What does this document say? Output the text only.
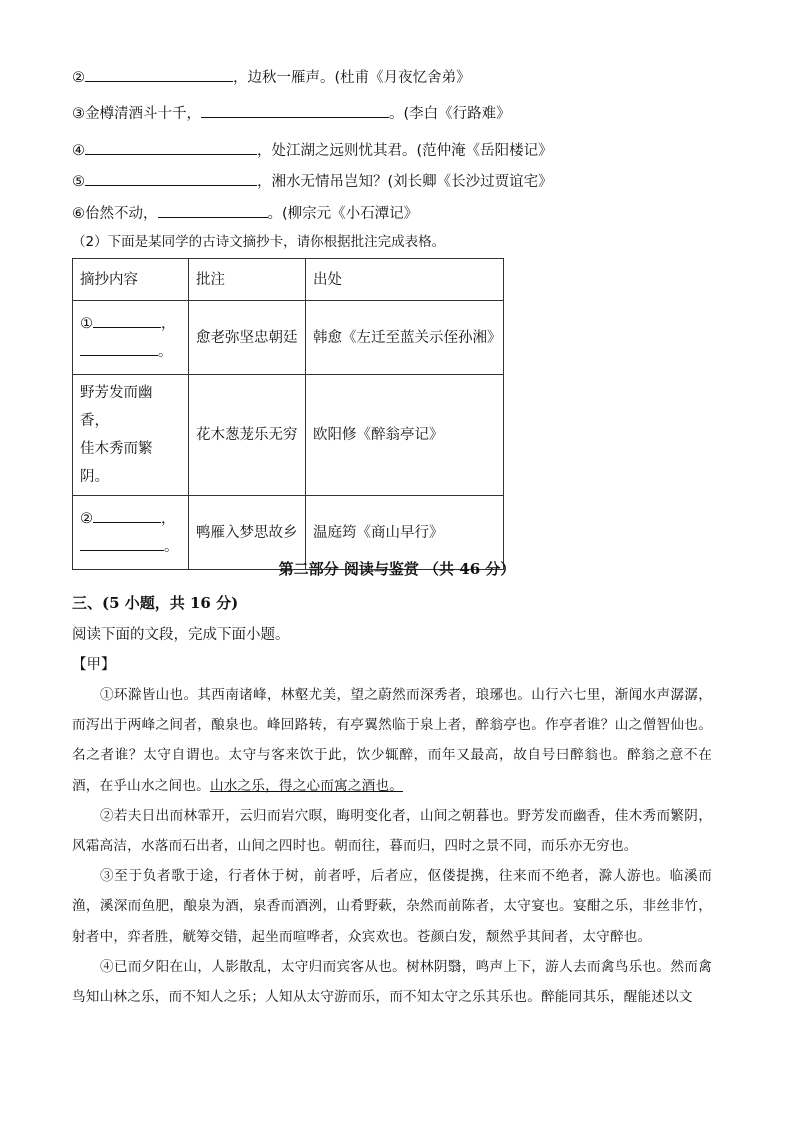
②	，边秋一雁声。(杜甫《月夜忆舍弟》
③金樽清酒斗十千，	。(李白《行路难》
④	，处江湖之远则忧其君。(范仲淹《岳阳楼记》
⑤	，湘水无情吊岂知？(刘长卿《长沙过贾谊宅》
⑥佁然不动，	。(柳宗元《小石潭记》
（2）下面是某同学的古诗文摘抄卡，请你根据批注完成表格。
摘抄内容	批注	出处

① ，
。	愈老弥坚忠朝廷	韩愈《左迁至蓝关示侄孙湘》

野芳发而幽香，
佳木秀而繁阴。	花木葱茏乐无穷	欧阳修《醉翁亭记》

② ，
。	鸭雁入梦思故乡	温庭筠《商山早行》
第二部分 阅读与鉴赏 （共 46 分）
三、(5 小题，共 16 分)
阅读下面的文段，完成下面小题。
【甲】

①环滁皆山也。其西南诸峰，林壑尤美，望之蔚然而深秀者，琅琊也。山行六七里，渐闻水声潺潺，而泻出于两峰之间者，酿泉也。峰回路转，有亭翼然临于泉上者，醉翁亭也。作亭者谁？山之僧智仙也。名之者谁？太守自谓也。太守与客来饮于此，饮少辄醉，而年又最高，故自号曰醉翁也。醉翁之意不在酒，在乎山水之间也。山水之乐，得之心而寓之酒也。

②若夫日出而林霏开，云归而岩穴暝，晦明变化者，山间之朝暮也。野芳发而幽香，佳木秀而繁阴，风霜高洁，水落而石出者，山间之四时也。朝而往，暮而归，四时之景不同，而乐亦无穷也。

③至于负者歌于途，行者休于树，前者呼，后者应，伛偻提携，往来而不绝者，滁人游也。临溪而渔，溪深而鱼肥，酿泉为酒，泉香而酒洌，山肴野蔌，杂然而前陈者，太守宴也。宴酣之乐，非丝非竹，射者中，弈者胜，觥筹交错，起坐而喧哗者，众宾欢也。苍颜白发，颓然乎其间者，太守醉也。

④已而夕阳在山，人影散乱，太守归而宾客从也。树林阴翳，鸣声上下，游人去而禽鸟乐也。然而禽鸟知山林之乐，而不知人之乐；人知从太守游而乐，而不知太守之乐其乐也。醉能同其乐，醒能述以文
